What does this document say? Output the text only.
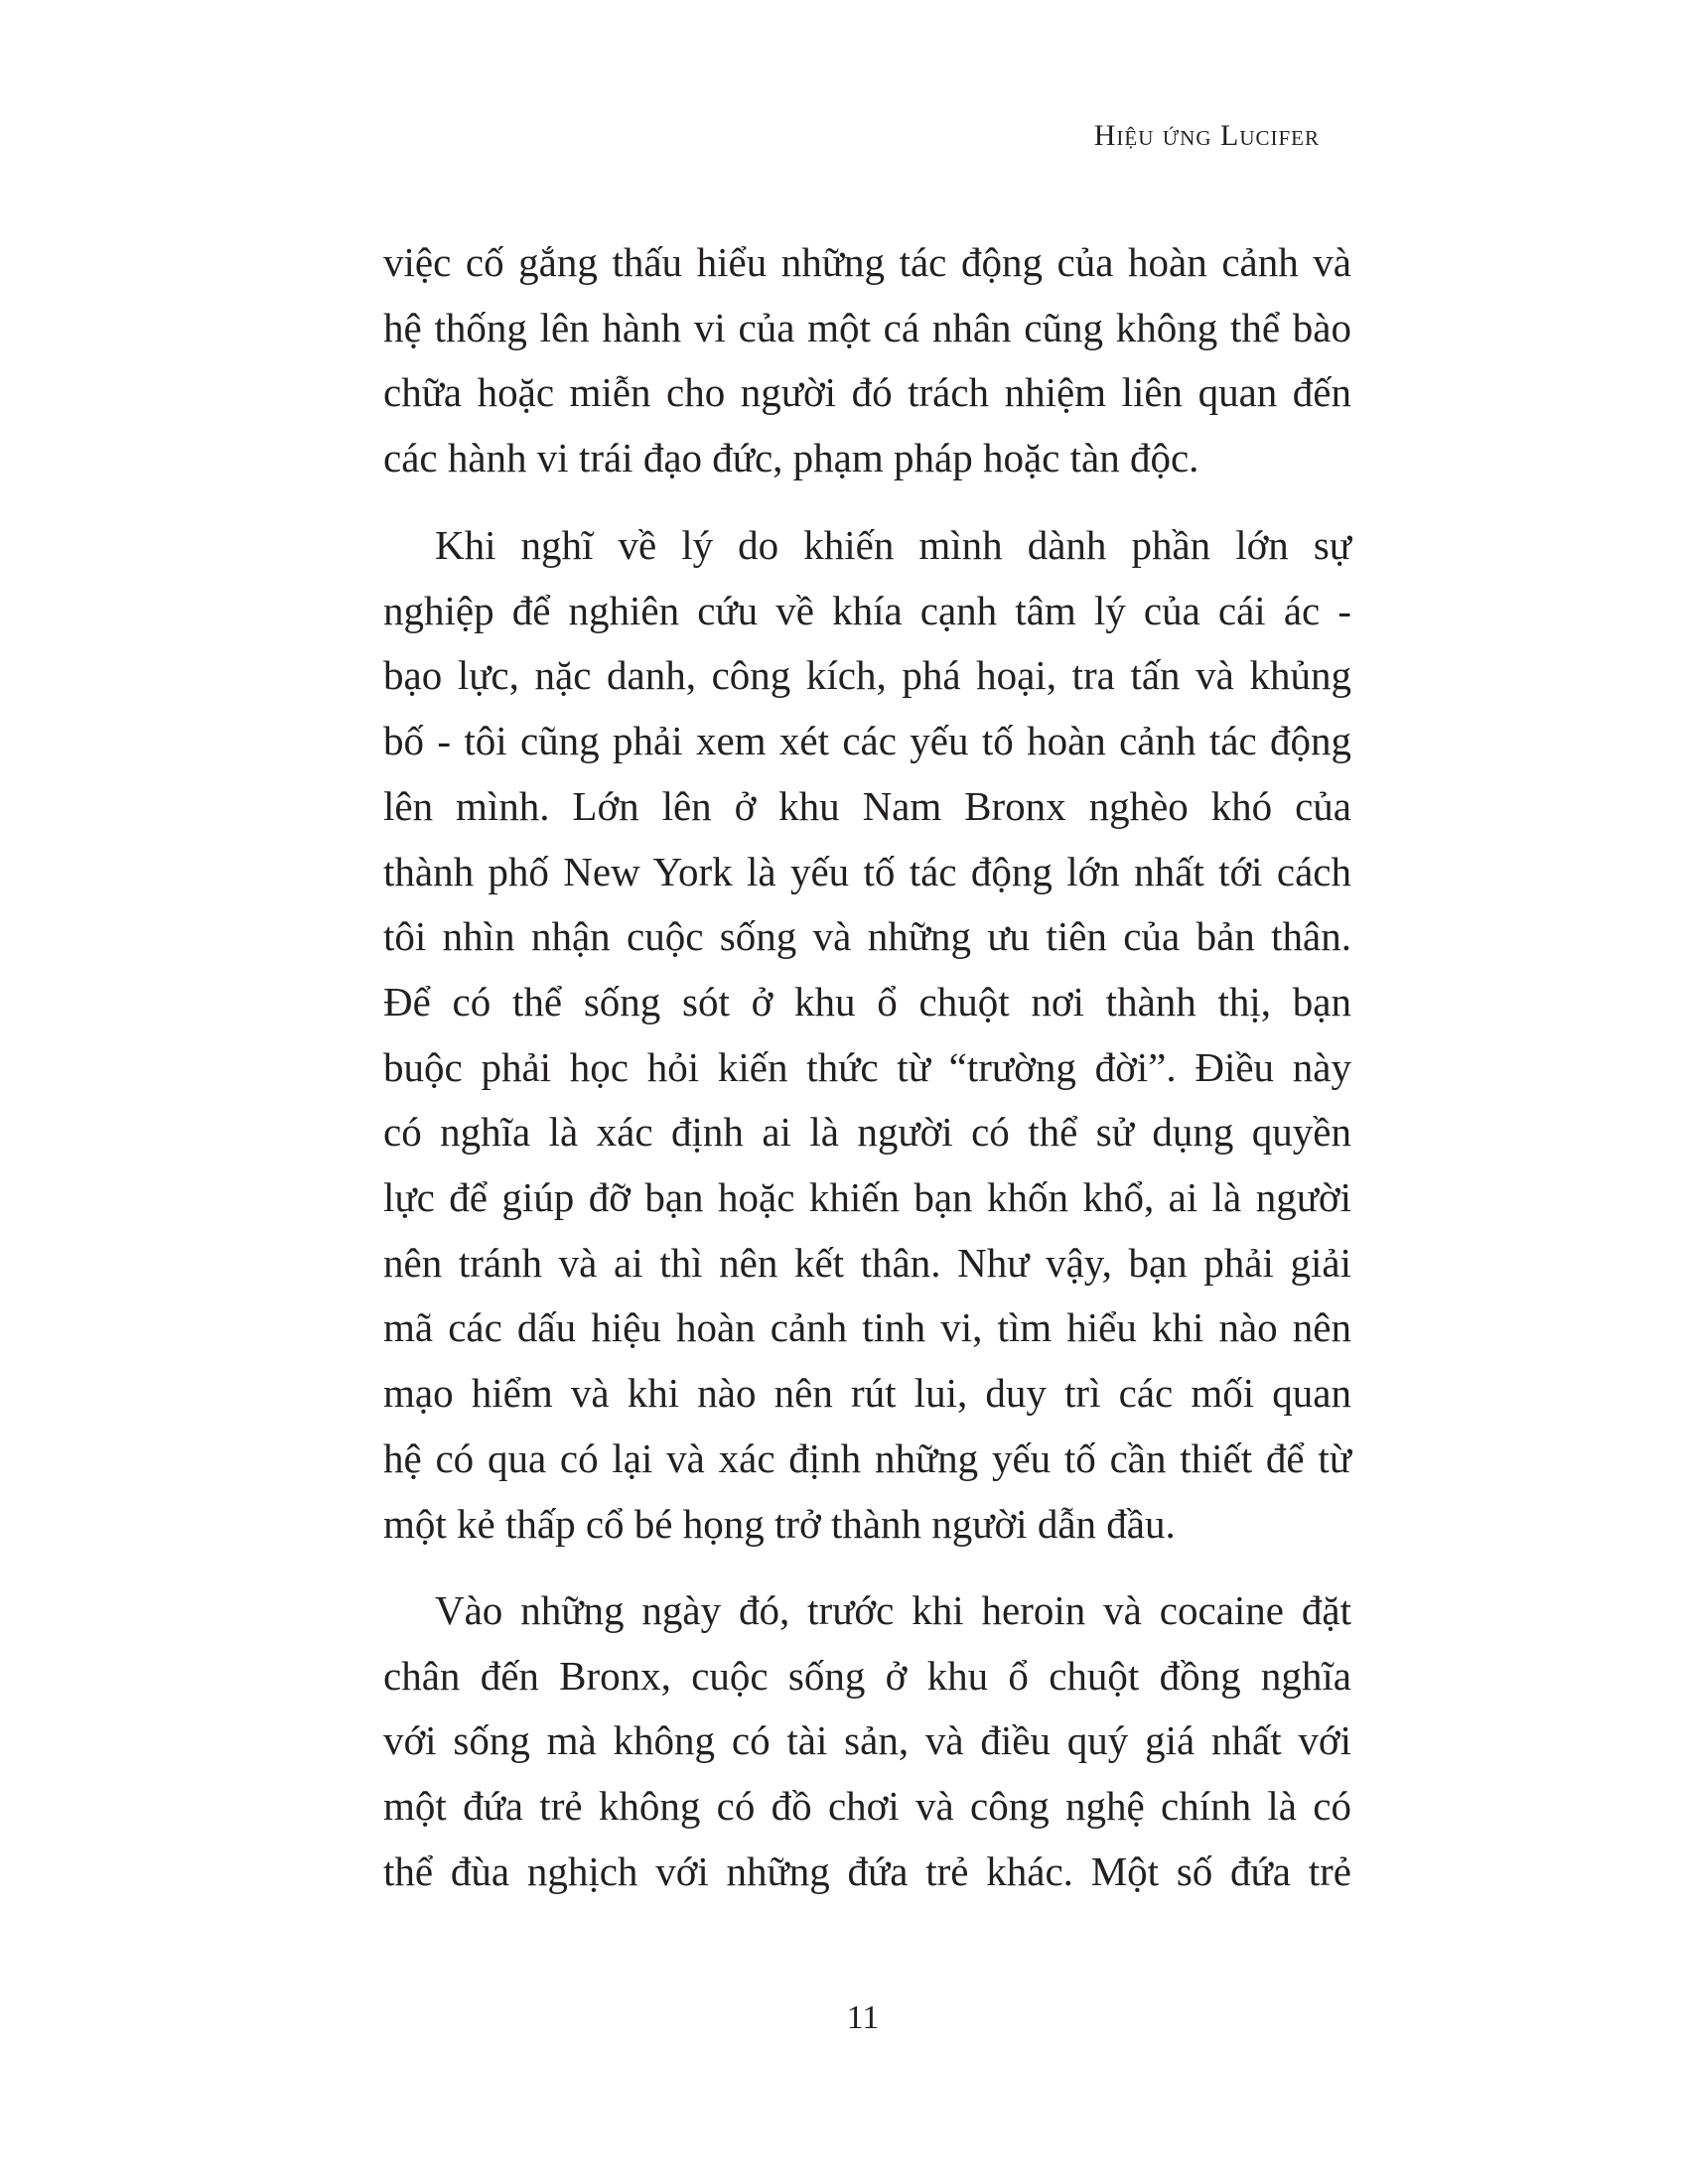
Hiệu ứng Lucifer
việc cố gắng thấu hiểu những tác động của hoàn cảnh và
hệ thống lên hành vi của một cá nhân cũng không thể bào
chữa hoặc miễn cho người đó trách nhiệm liên quan đến
các hành vi trái đạo đức, phạm pháp hoặc tàn độc.
Khi nghĩ về lý do khiến mình dành phần lớn sự
nghiệp để nghiên cứu về khía cạnh tâm lý của cái ác -
bạo lực, nặc danh, công kích, phá hoại, tra tấn và khủng
bố - tôi cũng phải xem xét các yếu tố hoàn cảnh tác động
lên mình. Lớn lên ở khu Nam Bronx nghèo khó của
thành phố New York là yếu tố tác động lớn nhất tới cách
tôi nhìn nhận cuộc sống và những ưu tiên của bản thân.
Để có thể sống sót ở khu ổ chuột nơi thành thị, bạn
buộc phải học hỏi kiến thức từ “trường đời”. Điều này
có nghĩa là xác định ai là người có thể sử dụng quyền
lực để giúp đỡ bạn hoặc khiến bạn khốn khổ, ai là người
nên tránh và ai thì nên kết thân. Như vậy, bạn phải giải
mã các dấu hiệu hoàn cảnh tinh vi, tìm hiểu khi nào nên
mạo hiểm và khi nào nên rút lui, duy trì các mối quan
hệ có qua có lại và xác định những yếu tố cần thiết để từ
một kẻ thấp cổ bé họng trở thành người dẫn đầu.
Vào những ngày đó, trước khi heroin và cocaine đặt
chân đến Bronx, cuộc sống ở khu ổ chuột đồng nghĩa
với sống mà không có tài sản, và điều quý giá nhất với
một đứa trẻ không có đồ chơi và công nghệ chính là có
thể đùa nghịch với những đứa trẻ khác. Một số đứa trẻ
11
